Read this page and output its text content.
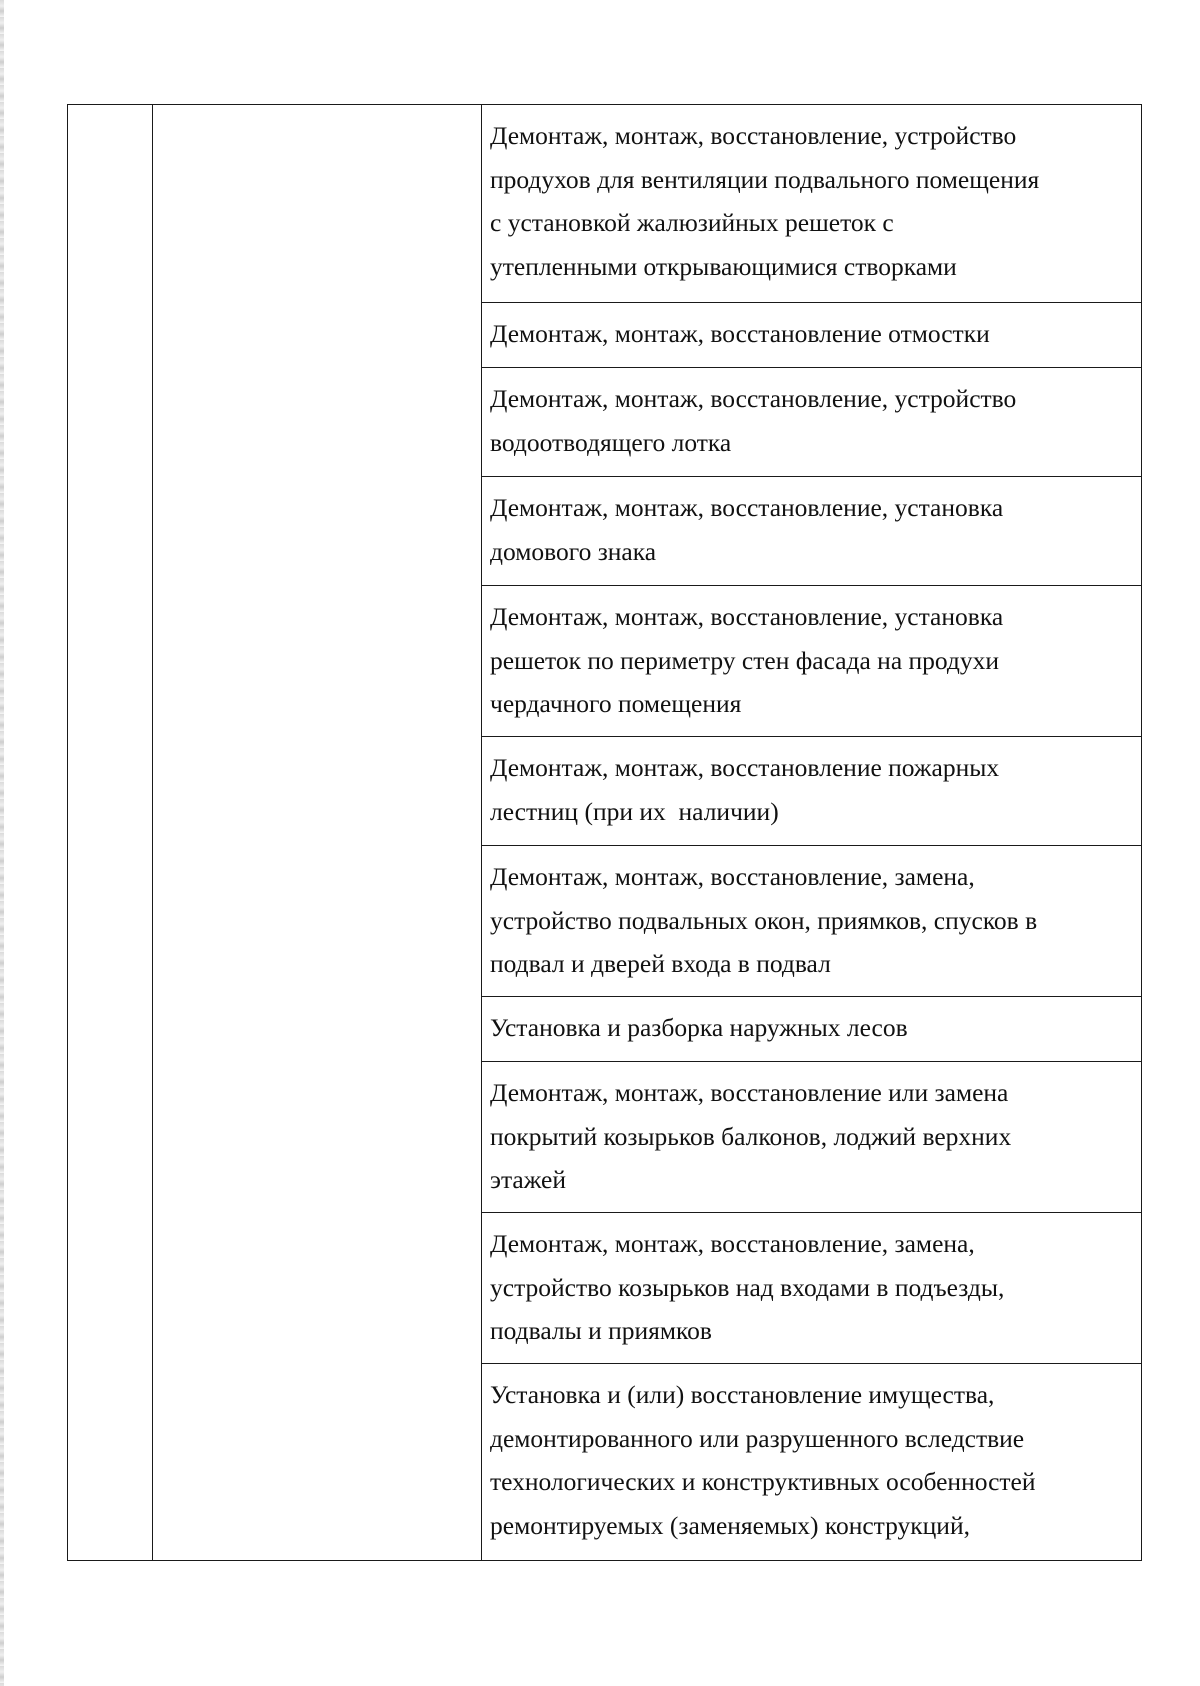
Демонтаж, монтаж, восстановление, устройство
продухов для вентиляции подвального помещения
с установкой жалюзийных решеток с
утепленными открывающимися створками
Демонтаж, монтаж, восстановление отмостки
Демонтаж, монтаж, восстановление, устройство
водоотводящего лотка
Демонтаж, монтаж, восстановление, установка
домового знака
Демонтаж, монтаж, восстановление, установка
решеток по периметру стен фасада на продухи
чердачного помещения
Демонтаж, монтаж, восстановление пожарных
лестниц (при их  наличии)
Демонтаж, монтаж, восстановление, замена,
устройство подвальных окон, приямков, спусков в
подвал и дверей входа в подвал
Установка и разборка наружных лесов
Демонтаж, монтаж, восстановление или замена
покрытий козырьков балконов, лоджий верхних
этажей
Демонтаж, монтаж, восстановление, замена,
устройство козырьков над входами в подъезды,
подвалы и приямков
Установка и (или) восстановление имущества,
демонтированного или разрушенного вследствие
технологических и конструктивных особенностей
ремонтируемых (заменяемых) конструкций,
